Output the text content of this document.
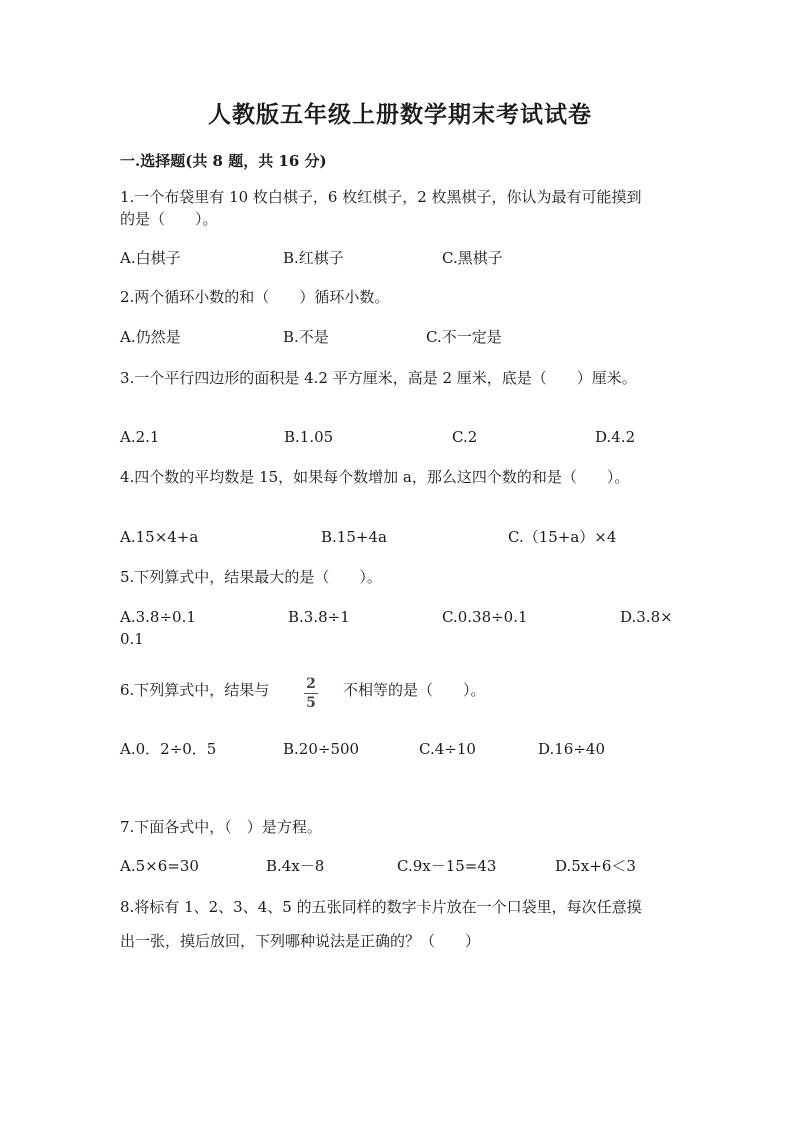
人教版五年级上册数学期末考试试卷
一.选择题(共 8 题，共 16 分)
1.一个布袋里有 10 枚白棋子，6 枚红棋子，2 枚黑棋子，你认为最有可能摸到
的是（　　）。
A.白棋子	B.红棋子	C.黑棋子
2.两个循环小数的和（　　）循环小数。
A.仍然是	B.不是	C.不一定是
3.一个平行四边形的面积是 4.2 平方厘米，高是 2 厘米，底是（　　）厘米。
A.2.1	B.1.05	C.2	D.4.2
4.四个数的平均数是 15，如果每个数增加 a，那么这四个数的和是（　　）。
A.15×4+a	B.15+4a	C.（15+a）×4
5.下列算式中，结果最大的是（　　）。
A.3.8÷0.1	B.3.8÷1	C.0.38÷0.1	D.3.8×
0.1
6.下列算式中，结果与	2
5
不相等的是（　　）。
A.0．2÷0．5	B.20÷500	C.4÷10	D.16÷40
7.下面各式中，（　）是方程。
A.5×6=30	B.4x－8	C.9x－15=43	D.5x+6＜3
8.将标有 1、2、3、4、5 的五张同样的数字卡片放在一个口袋里，每次任意摸
出一张，摸后放回，下列哪种说法是正确的？（　　）
